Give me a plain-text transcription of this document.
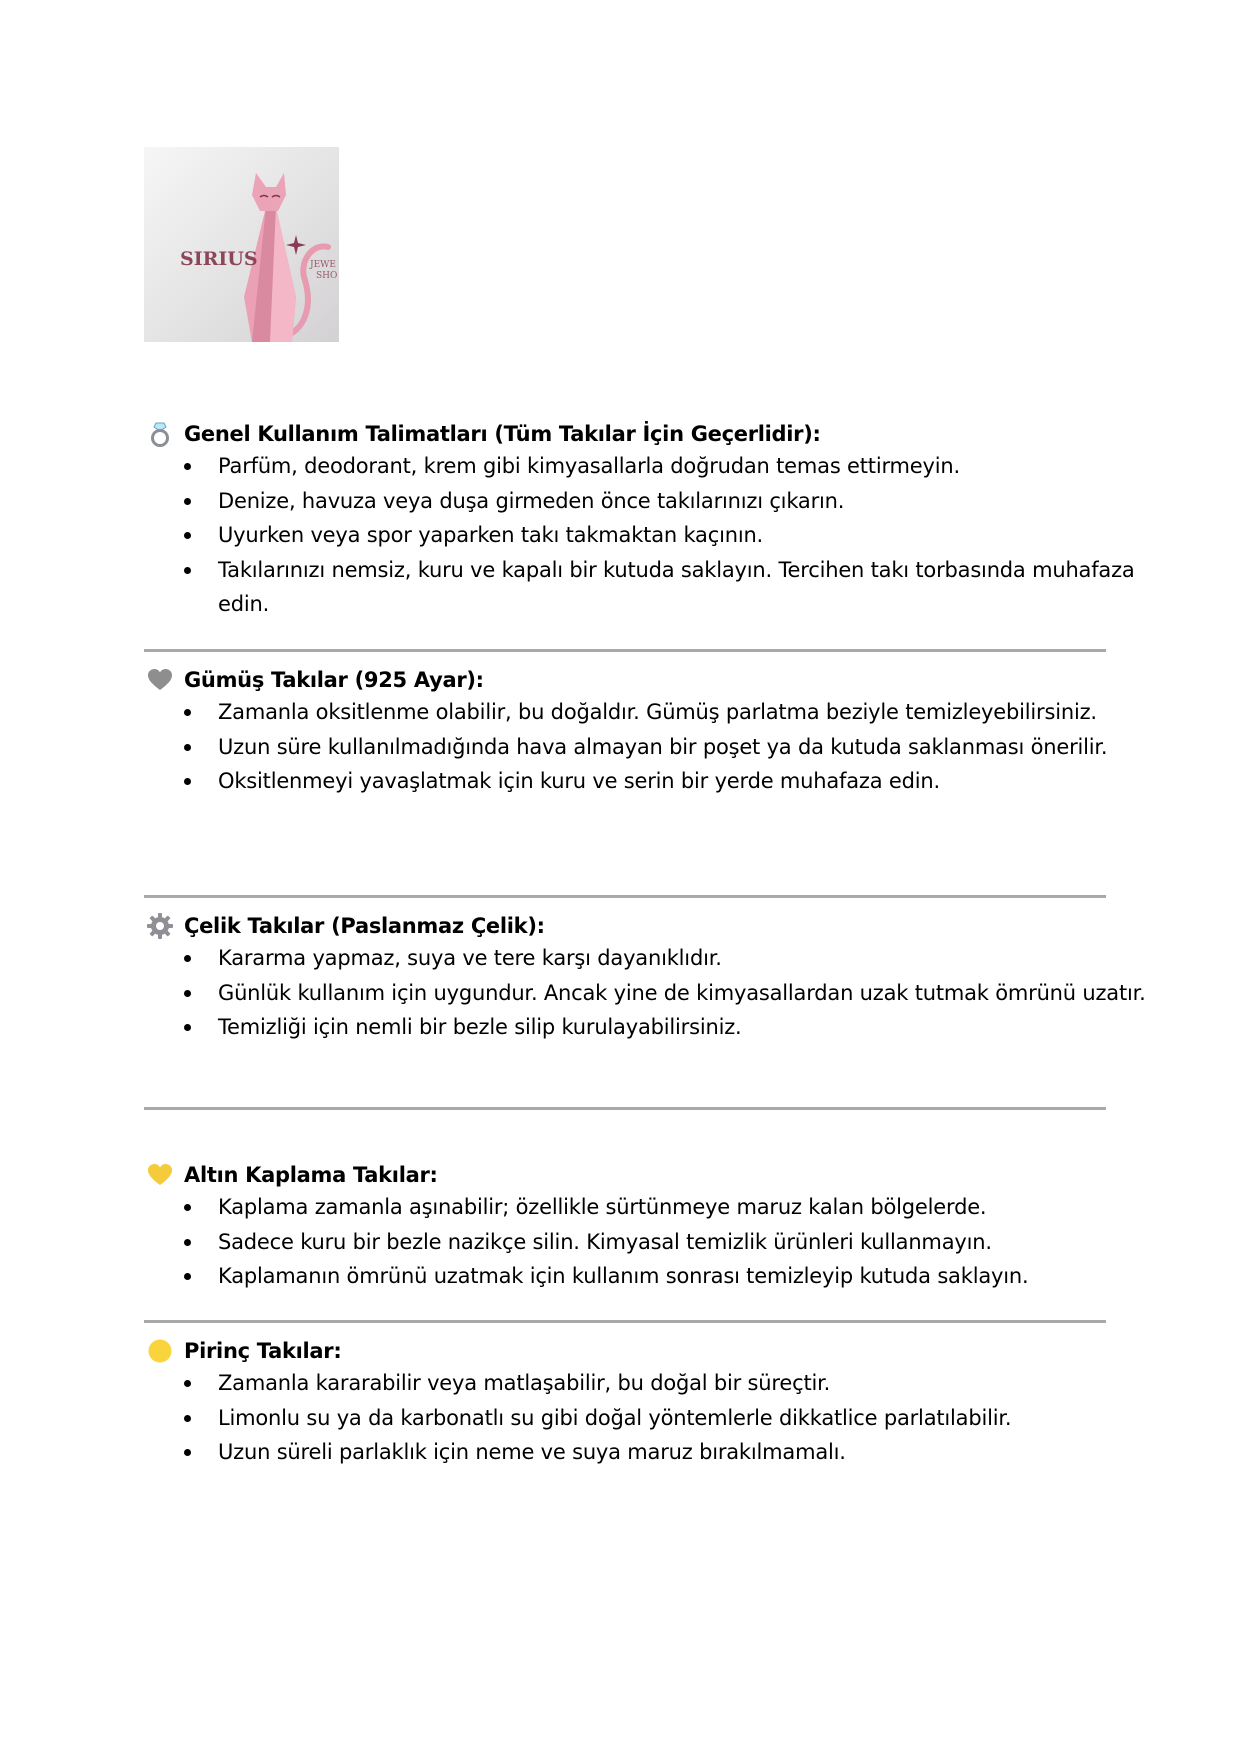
SIRIUS	JEWE
SHO
Genel Kullanım Talimatları (Tüm Takılar İçin Geçerlidir):
Parfüm, deodorant, krem gibi kimyasallarla doğrudan temas ettirmeyin.
Denize, havuza veya duşa girmeden önce takılarınızı çıkarın.
Uyurken veya spor yaparken takı takmaktan kaçının.
Takılarınızı nemsiz, kuru ve kapalı bir kutuda saklayın. Tercihen takı torbasında muhafaza edin.
Gümüş Takılar (925 Ayar):
Zamanla oksitlenme olabilir, bu doğaldır. Gümüş parlatma beziyle temizleyebilirsiniz.
Uzun süre kullanılmadığında hava almayan bir poşet ya da kutuda saklanması önerilir.
Oksitlenmeyi yavaşlatmak için kuru ve serin bir yerde muhafaza edin.
Çelik Takılar (Paslanmaz Çelik):
Kararma yapmaz, suya ve tere karşı dayanıklıdır.
Günlük kullanım için uygundur. Ancak yine de kimyasallardan uzak tutmak ömrünü uzatır.
Temizliği için nemli bir bezle silip kurulayabilirsiniz.
Altın Kaplama Takılar:
Kaplama zamanla aşınabilir; özellikle sürtünmeye maruz kalan bölgelerde.
Sadece kuru bir bezle nazikçe silin. Kimyasal temizlik ürünleri kullanmayın.
Kaplamanın ömrünü uzatmak için kullanım sonrası temizleyip kutuda saklayın.
Pirinç Takılar:
Zamanla kararabilir veya matlaşabilir, bu doğal bir süreçtir.
Limonlu su ya da karbonatlı su gibi doğal yöntemlerle dikkatlice parlatılabilir.
Uzun süreli parlaklık için neme ve suya maruz bırakılmamalı.
